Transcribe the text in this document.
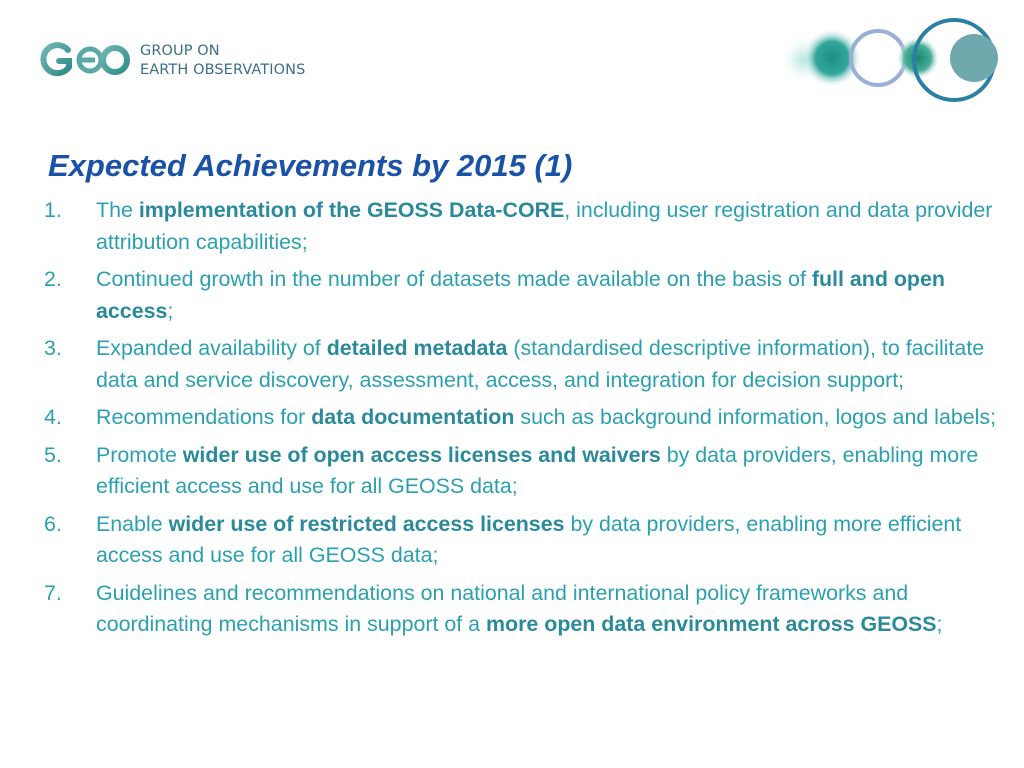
GROUP ON
EARTH OBSERVATIONS
Expected Achievements by 2015 (1)
1.	The implementation of the GEOSS Data-CORE, including user registration and data provider attribution capabilities;
2.	Continued growth in the number of datasets made available on the basis of full and open access;
3.	Expanded availability of detailed metadata (standardised descriptive information), to facilitate data and service discovery, assessment, access, and integration for decision support;
4.	Recommendations for data documentation such as background information, logos and labels;
5.	Promote wider use of open access licenses and waivers by data providers, enabling more efficient access and use for all GEOSS data;
6.	Enable wider use of restricted access licenses by data providers, enabling more efficient access and use for all GEOSS data;
7.	Guidelines and recommendations on national and international policy frameworks and coordinating mechanisms in support of a more open data environment across GEOSS;
